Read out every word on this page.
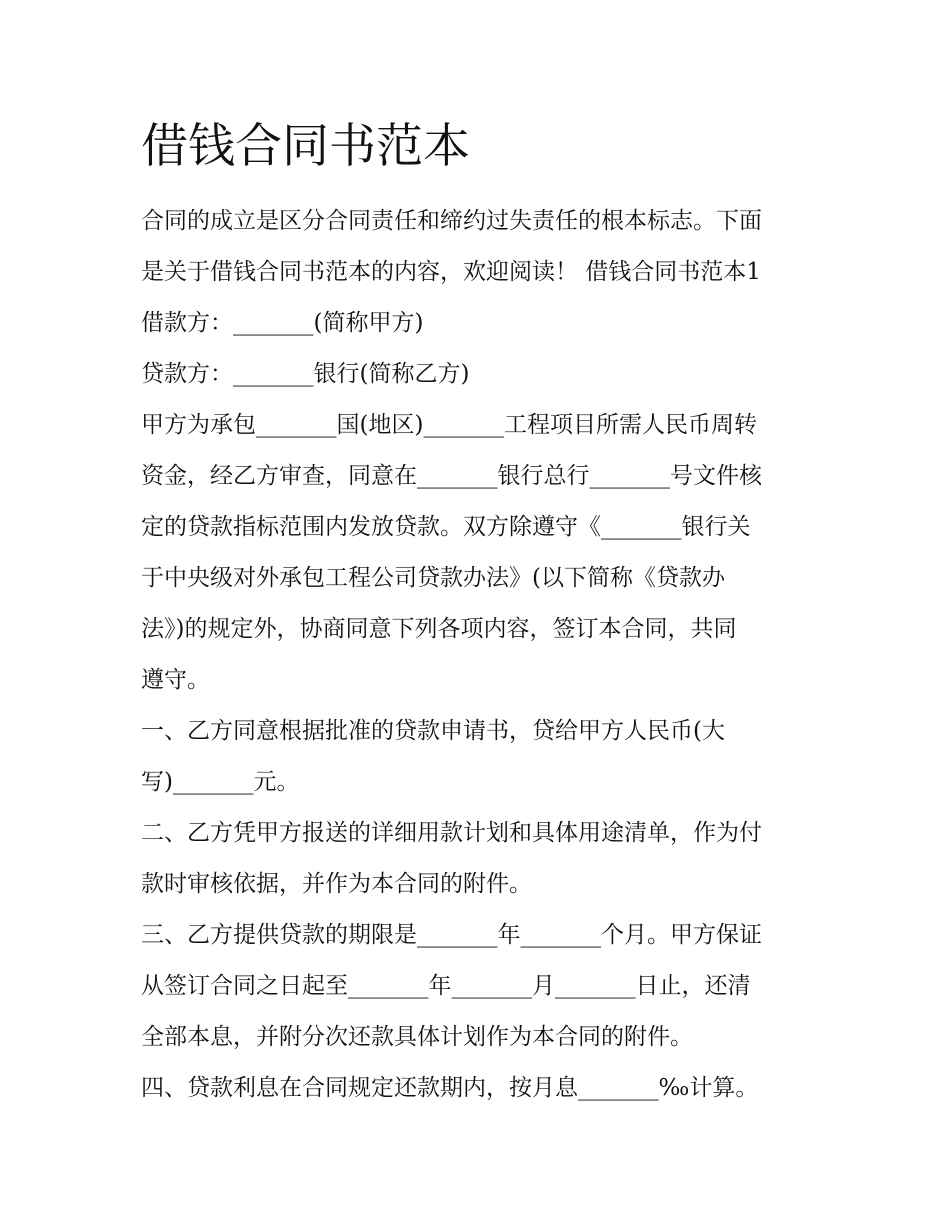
借钱合同书范本

合同的成立是区分合同责任和缔约过失责任的根本标志。下面

是关于借钱合同书范本的内容，欢迎阅读！ 借钱合同书范本1

借款方：_______(简称甲方)

贷款方：_______银行(简称乙方)

甲方为承包_______国(地区)_______工程项目所需人民币周转

资金，经乙方审查，同意在_______银行总行_______号文件核

定的贷款指标范围内发放贷款。双方除遵守《_______银行关

于中央级对外承包工程公司贷款办法》(以下简称《贷款办

法》)的规定外，协商同意下列各项内容，签订本合同，共同

遵守。

一、乙方同意根据批准的贷款申请书，贷给甲方人民币(大

写)_______元。

二、乙方凭甲方报送的详细用款计划和具体用途清单，作为付

款时审核依据，并作为本合同的附件。

三、乙方提供贷款的期限是_______年_______个月。甲方保证

从签订合同之日起至_______年_______月_______日止，还清

全部本息，并附分次还款具体计划作为本合同的附件。

四、贷款利息在合同规定还款期内，按月息_______‰计算。
